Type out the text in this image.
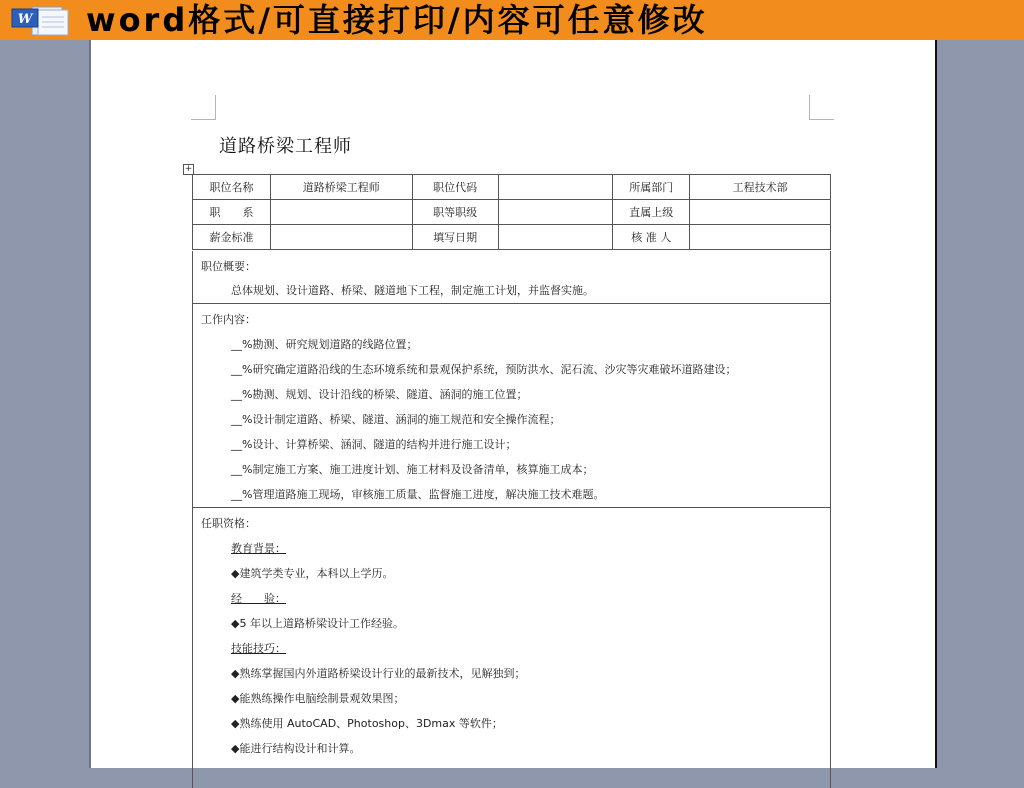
W word格式/可直接打印/内容可任意修改
道路桥梁工程师
+
职位名称	道路桥梁工程师	职位代码		所属部门	工程技术部
职　　系		职等职级		直属上级	
薪金标准		填写日期		核 准 人	
职位概要：
总体规划、设计道路、桥梁、隧道地下工程，制定施工计划，并监督实施。
工作内容：
__%勘测、研究规划道路的线路位置；
__%研究确定道路沿线的生态环境系统和景观保护系统，预防洪水、泥石流、沙灾等灾难破坏道路建设；
__%勘测、规划、设计沿线的桥梁、隧道、涵洞的施工位置；
__%设计制定道路、桥梁、隧道、涵洞的施工规范和安全操作流程；
__%设计、计算桥梁、涵洞、隧道的结构并进行施工设计；
__%制定施工方案、施工进度计划、施工材料及设备清单，核算施工成本；
__%管理道路施工现场，审核施工质量、监督施工进度，解决施工技术难题。
任职资格：
教育背景：
◆建筑学类专业，本科以上学历。
经　　验：
◆5 年以上道路桥梁设计工作经验。
技能技巧：
◆熟练掌握国内外道路桥梁设计行业的最新技术，见解独到；
◆能熟练操作电脑绘制景观效果图；
◆熟练使用 AutoCAD、Photoshop、3Dmax 等软件；
◆能进行结构设计和计算。
